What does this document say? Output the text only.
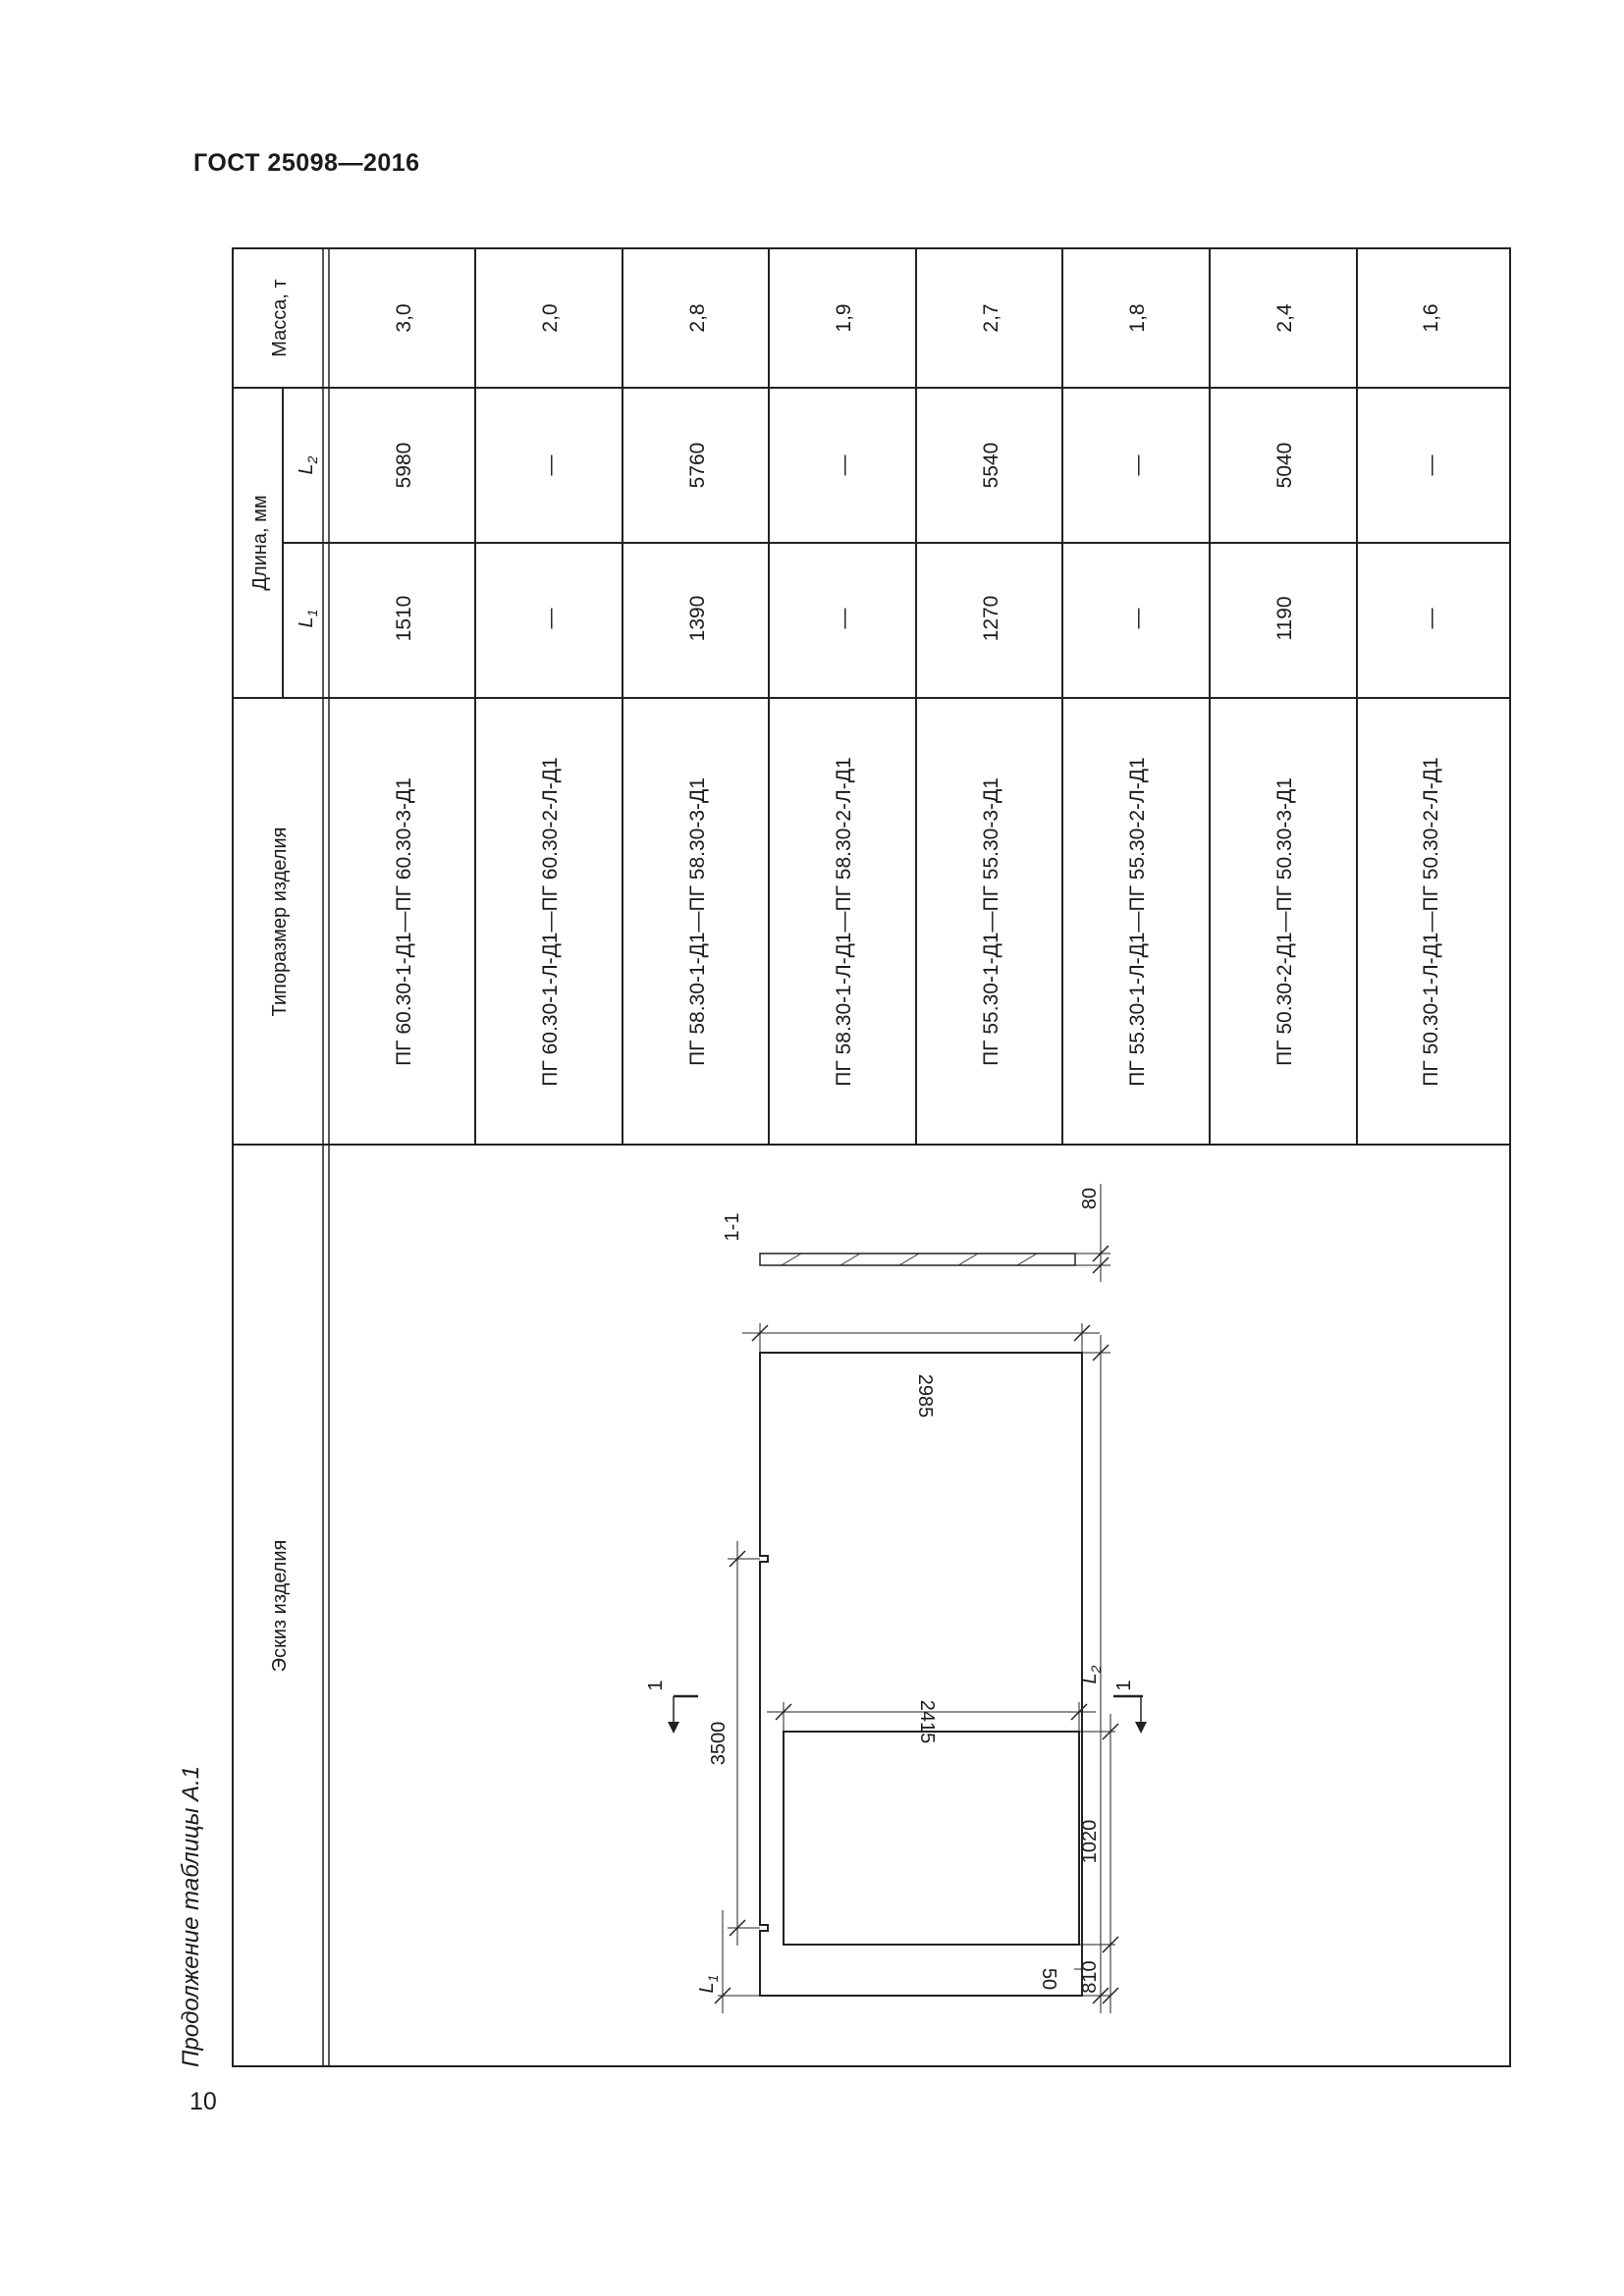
ГОСТ 25098—2016
Продолжение таблицы А.1
Эскиз изделия
Типоразмер изделия
Длина, мм
$L_1$
$L_2$
Масса, т
ПГ 60.30-1-Д1—ПГ 60.30-3-Д1
1510
5980
3,0
ПГ 60.30-1-Л-Д1—ПГ 60.30-2-Л-Д1
—
—
2,0
ПГ 58.30-1-Д1—ПГ 58.30-3-Д1
1390
5760
2,8
ПГ 58.30-1-Л-Д1—ПГ 58.30-2-Л-Д1
—
—
1,9
ПГ 55.30-1-Д1—ПГ 55.30-3-Д1
1270
5540
2,7
ПГ 55.30-1-Л-Д1—ПГ 55.30-2-Л-Д1
—
—
1,8
ПГ 50.30-2-Д1—ПГ 50.30-3-Д1
1190
5040
2,4
ПГ 50.30-1-Л-Д1—ПГ 50.30-2-Л-Д1
—
—
1,6
2985
2415
3500
1020
810
50
80
1-1
1	1
$L_1$
$L_2$
10
